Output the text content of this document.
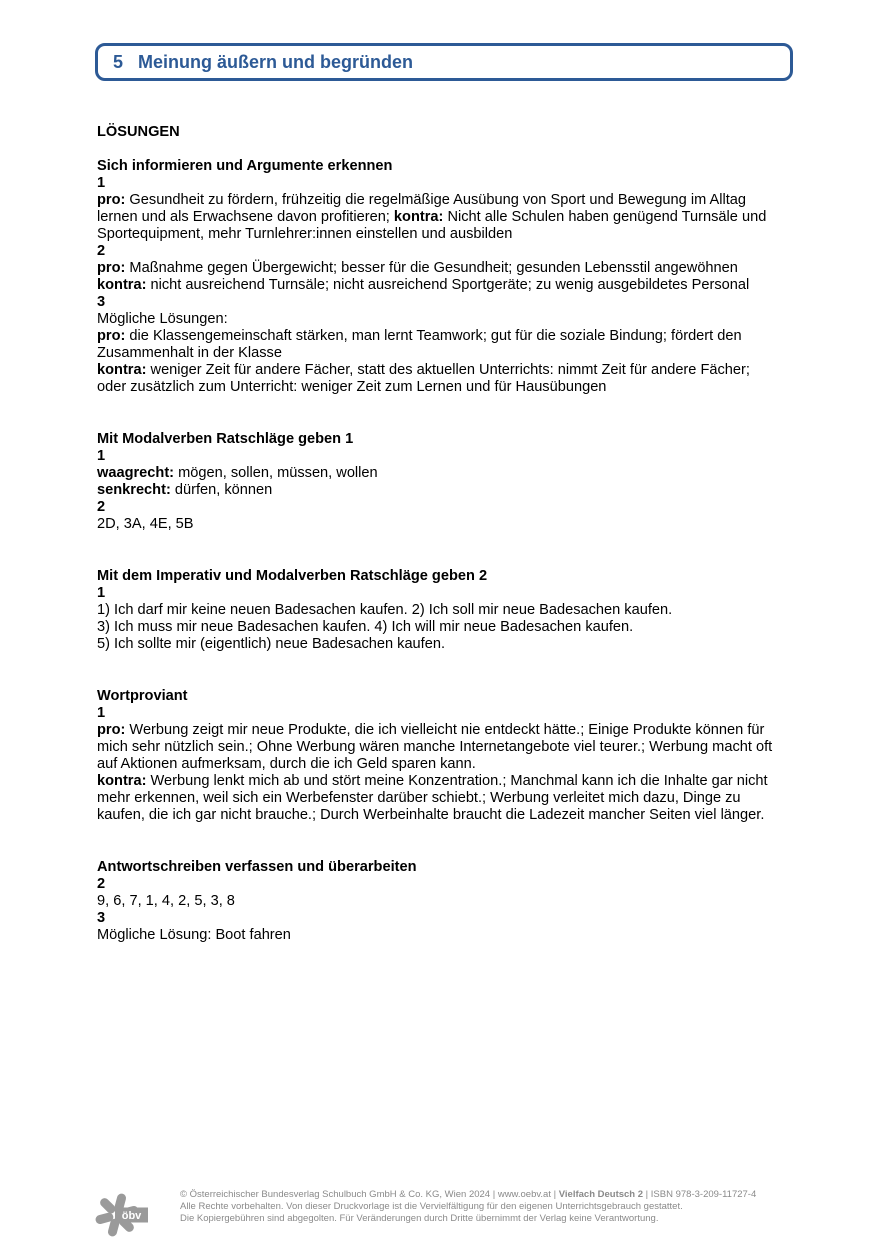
5 Meinung äußern und begründen
LÖSUNGEN
Sich informieren und Argumente erkennen
1
pro: Gesundheit zu fördern, frühzeitig die regelmäßige Ausübung von Sport und Bewegung im Alltag
lernen und als Erwachsene davon profitieren; kontra: Nicht alle Schulen haben genügend Turnsäle und
Sportequipment, mehr Turnlehrer:innen einstellen und ausbilden
2
pro: Maßnahme gegen Übergewicht; besser für die Gesundheit; gesunden Lebensstil angewöhnen
kontra: nicht ausreichend Turnsäle; nicht ausreichend Sportgeräte; zu wenig ausgebildetes Personal
3
Mögliche Lösungen:
pro: die Klassengemeinschaft stärken, man lernt Teamwork; gut für die soziale Bindung; fördert den
Zusammenhalt in der Klasse
kontra: weniger Zeit für andere Fächer, statt des aktuellen Unterrichts: nimmt Zeit für andere Fächer;
oder zusätzlich zum Unterricht: weniger Zeit zum Lernen und für Hausübungen
Mit Modalverben Ratschläge geben 1
1
waagrecht: mögen, sollen, müssen, wollen
senkrecht: dürfen, können
2
2D, 3A, 4E, 5B
Mit dem Imperativ und Modalverben Ratschläge geben 2
1
1) Ich darf mir keine neuen Badesachen kaufen. 2) Ich soll mir neue Badesachen kaufen.
3) Ich muss mir neue Badesachen kaufen. 4) Ich will mir neue Badesachen kaufen.
5) Ich sollte mir (eigentlich) neue Badesachen kaufen.
Wortproviant
1
pro: Werbung zeigt mir neue Produkte, die ich vielleicht nie entdeckt hätte.; Einige Produkte können für
mich sehr nützlich sein.; Ohne Werbung wären manche Internetangebote viel teurer.; Werbung macht oft
auf Aktionen aufmerksam, durch die ich Geld sparen kann.
kontra: Werbung lenkt mich ab und stört meine Konzentration.; Manchmal kann ich die Inhalte gar nicht
mehr erkennen, weil sich ein Werbefenster darüber schiebt.; Werbung verleitet mich dazu, Dinge zu
kaufen, die ich gar nicht brauche.; Durch Werbeinhalte braucht die Ladezeit mancher Seiten viel länger.
Antwortschreiben verfassen und überarbeiten
2
9, 6, 7, 1, 4, 2, 5, 3, 8
3
Mögliche Lösung: Boot fahren
öbv
© Österreichischer Bundesverlag Schulbuch GmbH & Co. KG, Wien 2024 | www.oebv.at | Vielfach Deutsch 2 | ISBN 978-3-209-11727-4
Alle Rechte vorbehalten. Von dieser Druckvorlage ist die Vervielfältigung für den eigenen Unterrichtsgebrauch gestattet.
Die Kopiergebühren sind abgegolten. Für Veränderungen durch Dritte übernimmt der Verlag keine Verantwortung.
